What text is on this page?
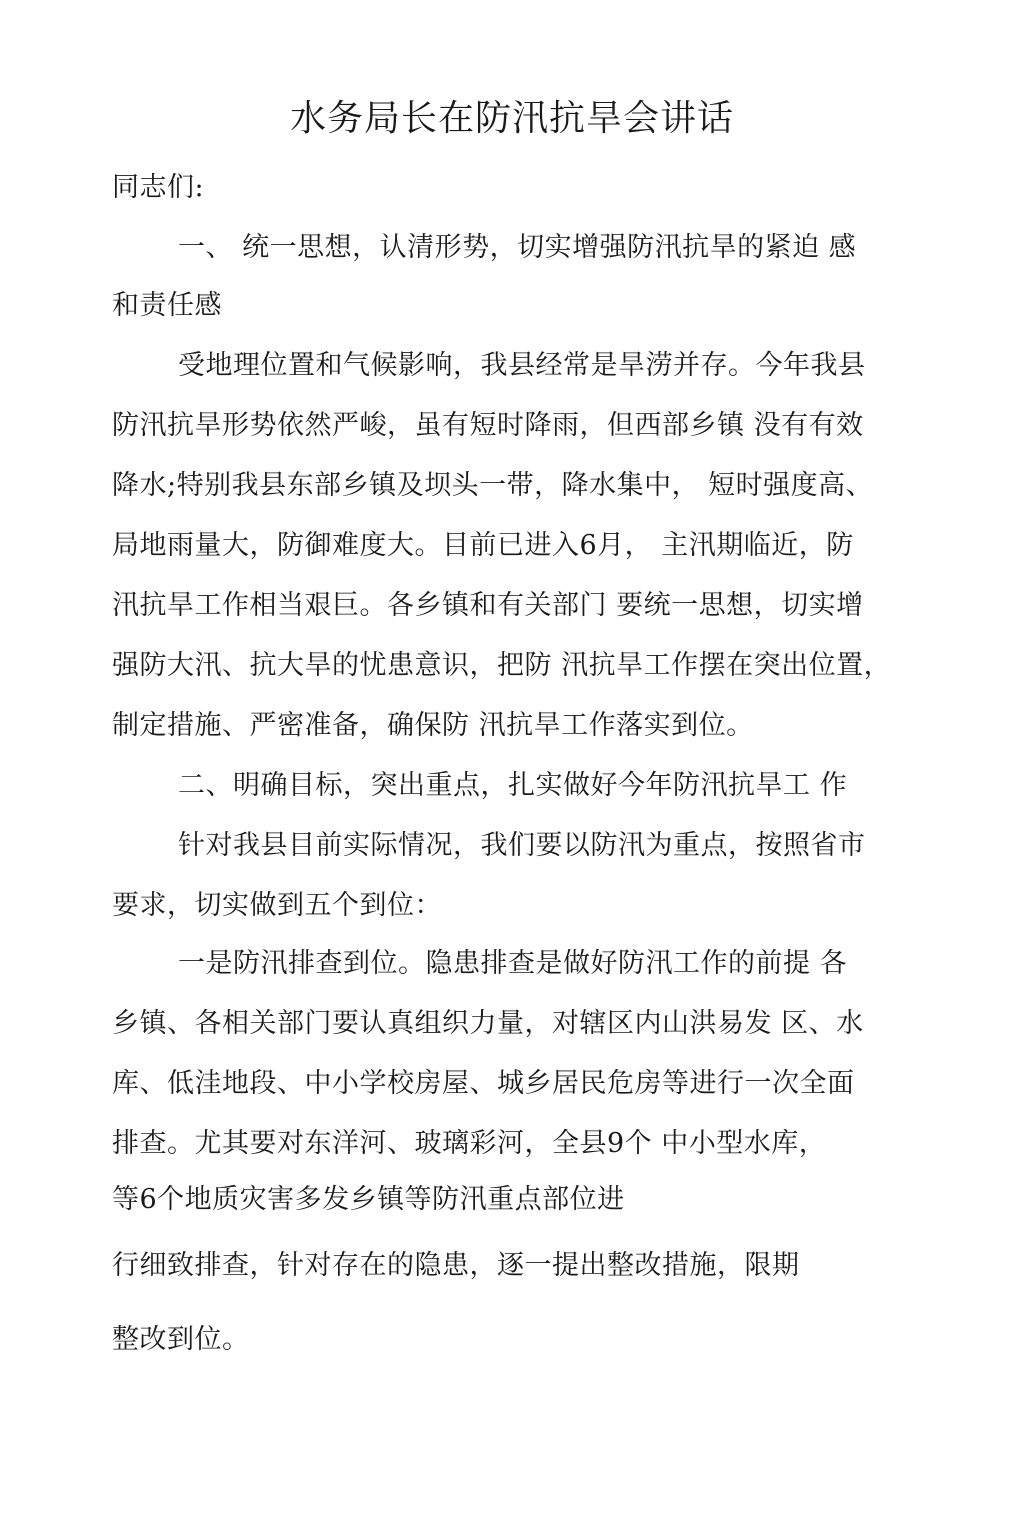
水务局长在防汛抗旱会讲话
同志们:
一、 统一思想，认清形势，切实增强防汛抗旱的紧迫 感
和责任感
受地理位置和气候影响，我县经常是旱涝并存。今年我县
防汛抗旱形势依然严峻，虽有短时降雨，但西部乡镇 没有有效
降水;特别我县东部乡镇及坝头一带，降水集中， 短时强度高、
局地雨量大，防御难度大。目前已进入6月， 主汛期临近，防
汛抗旱工作相当艰巨。各乡镇和有关部门 要统一思想，切实增
强防大汛、抗大旱的忧患意识，把防 汛抗旱工作摆在突出位置，
制定措施、严密准备，确保防 汛抗旱工作落实到位。
二、明确目标，突出重点，扎实做好今年防汛抗旱工 作
针对我县目前实际情况，我们要以防汛为重点，按照省市
要求，切实做到五个到位：
一是防汛排查到位。隐患排查是做好防汛工作的前提 各
乡镇、各相关部门要认真组织力量，对辖区内山洪易发 区、水
库、低洼地段、中小学校房屋、城乡居民危房等进行一次全面
排查。尤其要对东洋河、玻璃彩河，全县9个 中小型水库，
等6个地质灾害多发乡镇等防汛重点部位进
行细致排查，针对存在的隐患，逐一提出整改措施，限期
整改到位。
